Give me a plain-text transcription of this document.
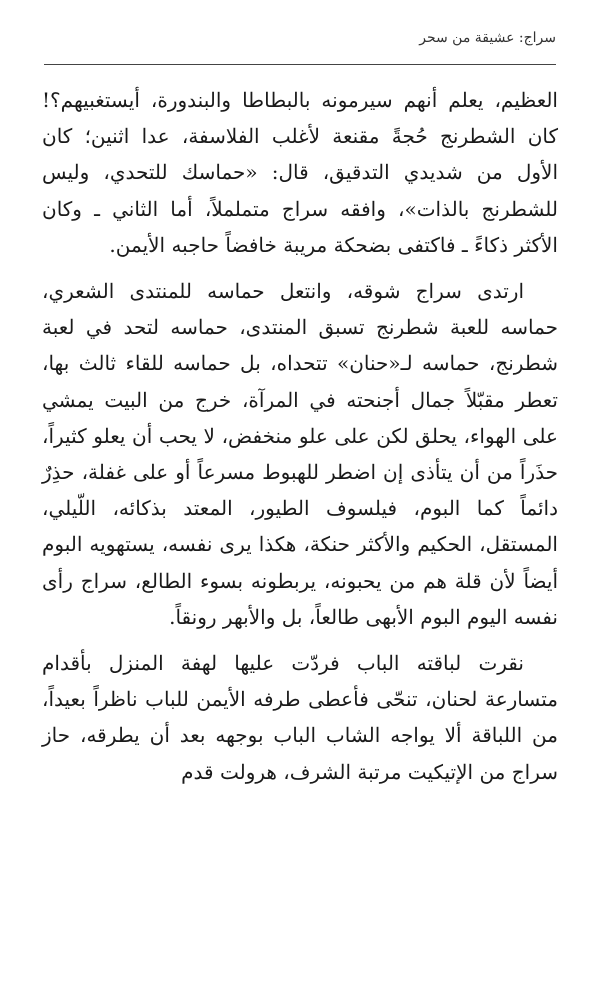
سراج: عشيقة من سحر

العظيم، يعلم أنهم سيرمونه بالبطاطا والبندورة، أيستغبيهم؟! كان الشطرنج حُجةً مقنعة لأغلب الفلاسفة، عدا اثنين؛ كان الأول من شديدي التدقيق، قال: «حماسك للتحدي، وليس للشطرنج بالذات»، وافقه سراج متململاً، أما الثاني ـ وكان الأكثر ذكاءً ـ فاكتفى بضحكة مريبة خافضاً حاجبه الأيمن.

ارتدى سراج شوقه، وانتعل حماسه للمنتدى الشعري، حماسه للعبة شطرنج تسبق المنتدى، حماسه لتحد في لعبة شطرنج، حماسه لـ«حنان» تتحداه، بل حماسه للقاء ثالث بها، تعطر مقبّلاً جمال أجنحته في المرآة، خرج من البيت يمشي على الهواء، يحلق لكن على علو منخفض، لا يحب أن يعلو كثيراً، حذَراً من أن يتأذى إن اضطر للهبوط مسرعاً أو على غفلة، حذِرٌ دائماً كما البوم، فيلسوف الطيور، المعتد بذكائه، اللّيلي، المستقل، الحكيم والأكثر حنكة، هكذا يرى نفسه، يستهويه البوم أيضاً لأن قلة هم من يحبونه، يربطونه بسوء الطالع، سراج رأى نفسه اليوم البوم الأبهى طالعاً، بل والأبهر رونقاً.

نقرت لباقته الباب فردّت عليها لهفة المنزل بأقدام متسارعة لحنان، تنحّى فأعطى طرفه الأيمن للباب ناظراً بعيداً، من اللباقة ألا يواجه الشاب الباب بوجهه بعد أن يطرقه، حاز سراج من الإتيكيت مرتبة الشرف، هرولت قدم
